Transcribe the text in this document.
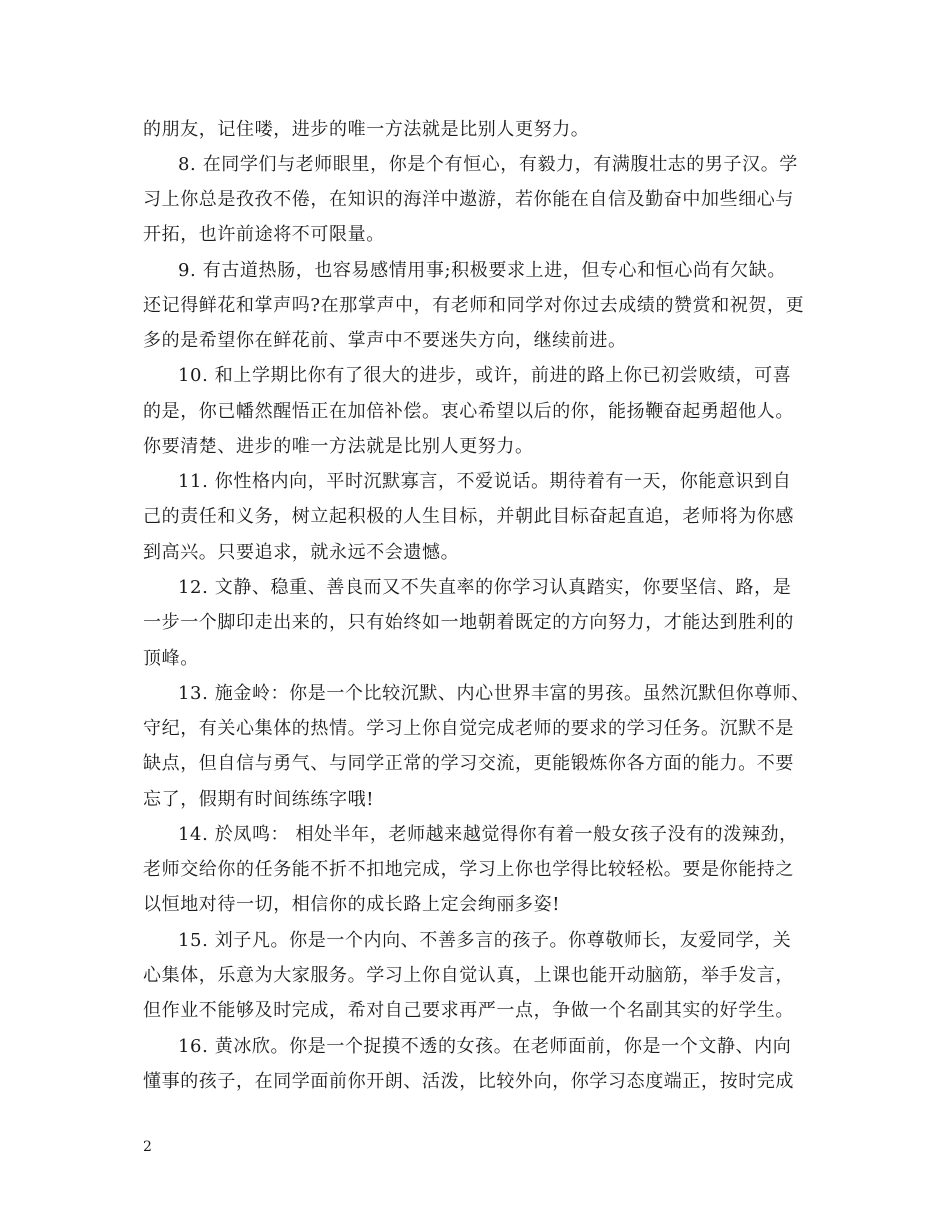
的朋友，记住喽，进步的唯一方法就是比别人更努力。
8. 在同学们与老师眼里，你是个有恒心，有毅力，有满腹壮志的男子汉。学
习上你总是孜孜不倦，在知识的海洋中遨游，若你能在自信及勤奋中加些细心与
开拓，也许前途将不可限量。
9. 有古道热肠，也容易感情用事;积极要求上进，但专心和恒心尚有欠缺。
还记得鲜花和掌声吗?在那掌声中，有老师和同学对你过去成绩的赞赏和祝贺，更
多的是希望你在鲜花前、掌声中不要迷失方向，继续前进。
10. 和上学期比你有了很大的进步，或许，前进的路上你已初尝败绩，可喜
的是，你已幡然醒悟正在加倍补偿。衷心希望以后的你，能扬鞭奋起勇超他人。
你要清楚、进步的唯一方法就是比别人更努力。
11. 你性格内向，平时沉默寡言，不爱说话。期待着有一天，你能意识到自
己的责任和义务，树立起积极的人生目标，并朝此目标奋起直追，老师将为你感
到高兴。只要追求，就永远不会遗憾。
12. 文静、稳重、善良而又不失直率的你学习认真踏实，你要坚信、路，是
一步一个脚印走出来的，只有始终如一地朝着既定的方向努力，才能达到胜利的
顶峰。
13. 施金岭：你是一个比较沉默、内心世界丰富的男孩。虽然沉默但你尊师、
守纪，有关心集体的热情。学习上你自觉完成老师的要求的学习任务。沉默不是
缺点，但自信与勇气、与同学正常的学习交流，更能锻炼你各方面的能力。不要
忘了，假期有时间练练字哦!
14. 於凤鸣： 相处半年，老师越来越觉得你有着一般女孩子没有的泼辣劲，
老师交给你的任务能不折不扣地完成，学习上你也学得比较轻松。要是你能持之
以恒地对待一切，相信你的成长路上定会绚丽多姿!
15. 刘子凡。你是一个内向、不善多言的孩子。你尊敬师长，友爱同学，关
心集体，乐意为大家服务。学习上你自觉认真，上课也能开动脑筋，举手发言，
但作业不能够及时完成，希对自己要求再严一点，争做一个名副其实的好学生。
16. 黄冰欣。你是一个捉摸不透的女孩。在老师面前，你是一个文静、内向
懂事的孩子，在同学面前你开朗、活泼，比较外向，你学习态度端正，按时完成
2
